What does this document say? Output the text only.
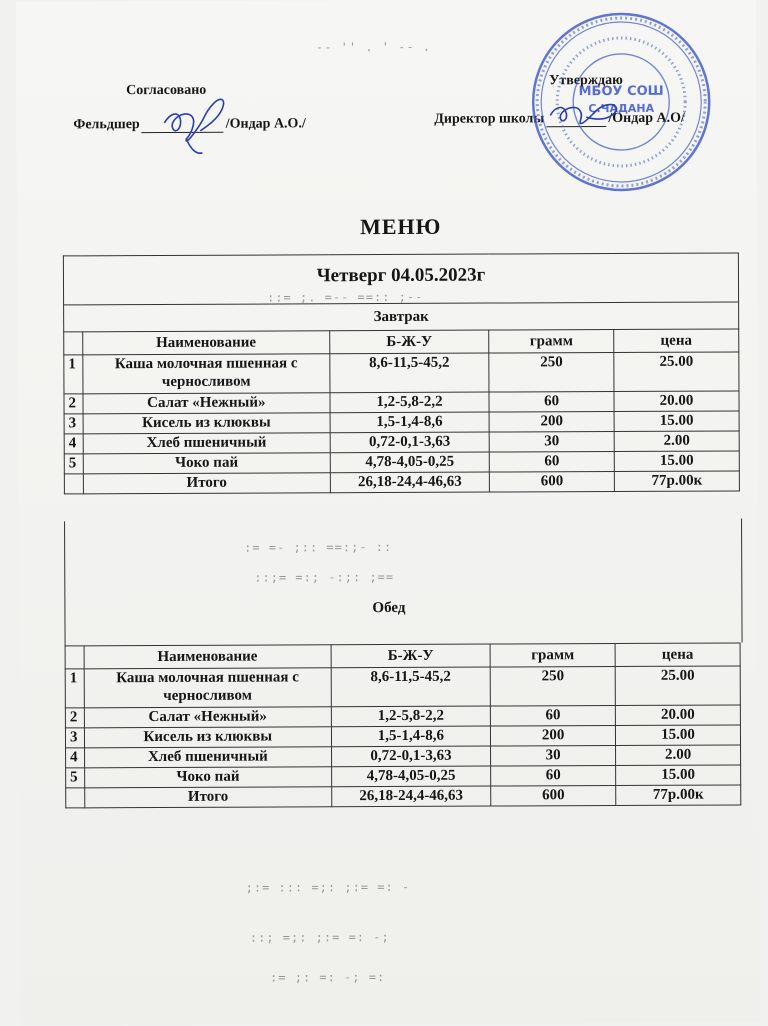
-- '' . ' -- .
::= ;. =-- ==:: ;--
:= =- ;:: ==:;- ::
::;= =:; -:;: ;==
;:= ::: =;: ;:= =: -
::; =;: ;:= =: -;
:= ;: =: -; =:
Согласовано
Фельдшер	/Ондар А.О./
Утверждаю
Директор школы	/Ондар А.О/
МБОУ СОШ
С.ЧАДАНА
МЕНЮ
Четверг 04.05.2023г				
Завтрак				
	Наименование	Б-Ж-У	грамм	цена
1	Каша молочная пшенная с черносливом	8,6-11,5-45,2	250	25.00
2	Салат «Нежный»	1,2-5,8-2,2	60	20.00
3	Кисель из клюквы	1,5-1,4-8,6	200	15.00
4	Хлеб пшеничный	0,72-0,1-3,63	30	2.00
5	Чоко пай	4,78-4,05-0,25	60	15.00
	Итого	26,18-24,4-46,63	600	77р.00к
Обед
	Наименование	Б-Ж-У	грамм	цена
1	Каша молочная пшенная с черносливом	8,6-11,5-45,2	250	25.00
2	Салат «Нежный»	1,2-5,8-2,2	60	20.00
3	Кисель из клюквы	1,5-1,4-8,6	200	15.00
4	Хлеб пшеничный	0,72-0,1-3,63	30	2.00
5	Чоко пай	4,78-4,05-0,25	60	15.00
	Итого	26,18-24,4-46,63	600	77р.00к
